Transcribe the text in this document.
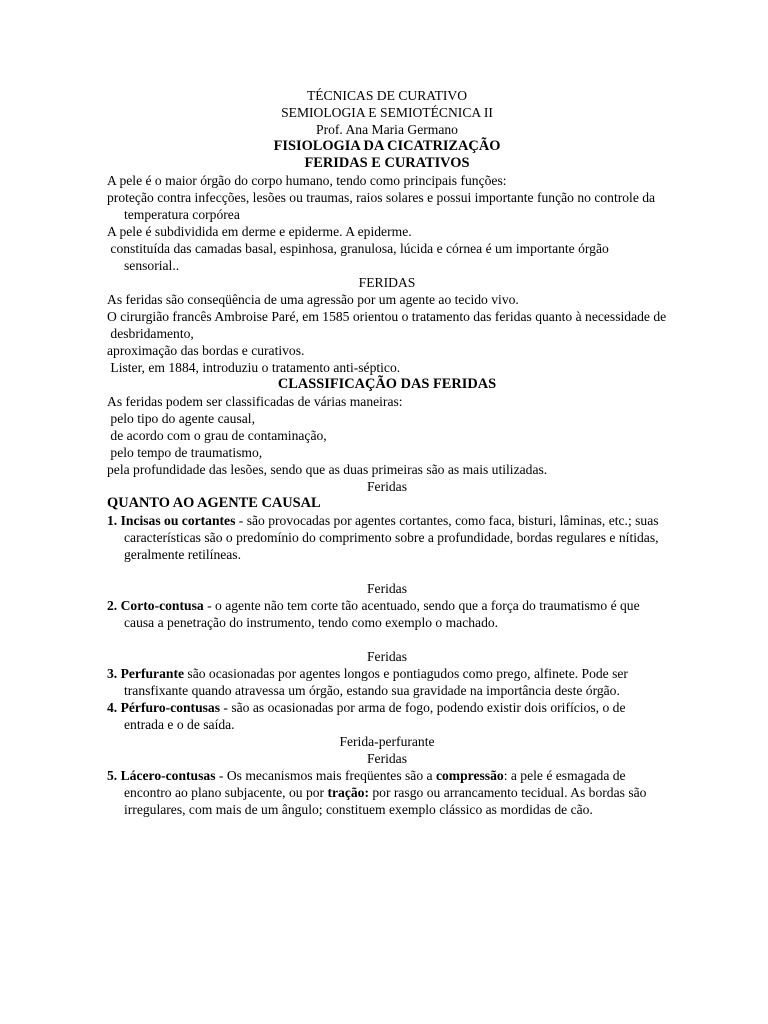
TÉCNICAS DE CURATIVO
SEMIOLOGIA E SEMIOTÉCNICA II
Prof. Ana Maria Germano
FISIOLOGIA DA CICATRIZAÇÃO
FERIDAS E CURATIVOS
A pele é o maior órgão do corpo humano, tendo como principais funções:
proteção contra infecções, lesões ou traumas, raios solares e possui importante função no controle da temperatura corpórea
A pele é subdividida em derme e epiderme. A epiderme.
constituída das camadas basal, espinhosa, granulosa, lúcida e córnea é um importante órgão sensorial..
FERIDAS
As feridas são conseqüência de uma agressão por um agente ao tecido vivo.
O cirurgião francês Ambroise Paré, em 1585 orientou o tratamento das feridas quanto à necessidade de
desbridamento,
aproximação das bordas e curativos.
Lister, em 1884, introduziu o tratamento anti-séptico.
CLASSIFICAÇÃO DAS FERIDAS
As feridas podem ser classificadas de várias maneiras:
pelo tipo do agente causal,
de acordo com o grau de contaminação,
pelo tempo de traumatismo,
pela profundidade das lesões, sendo que as duas primeiras são as mais utilizadas.
Feridas
QUANTO AO AGENTE CAUSAL
1. Incisas ou cortantes - são provocadas por agentes cortantes, como faca, bisturi, lâminas, etc.; suas características são o predomínio do comprimento sobre a profundidade, bordas regulares e nítidas, geralmente retilíneas.
Feridas
2. Corto-contusa - o agente não tem corte tão acentuado, sendo que a força do traumatismo é que causa a penetração do instrumento, tendo como exemplo o machado.
Feridas
3. Perfurante são ocasionadas por agentes longos e pontiagudos como prego, alfinete. Pode ser transfixante quando atravessa um órgão, estando sua gravidade na importância deste órgão.
4. Pérfuro-contusas - são as ocasionadas por arma de fogo, podendo existir dois orifícios, o de entrada e o de saída.
Ferida-perfurante
Feridas
5. Lácero-contusas - Os mecanismos mais freqüentes são a compressão: a pele é esmagada de encontro ao plano subjacente, ou por tração: por rasgo ou arrancamento tecidual. As bordas são irregulares, com mais de um ângulo; constituem exemplo clássico as mordidas de cão.
